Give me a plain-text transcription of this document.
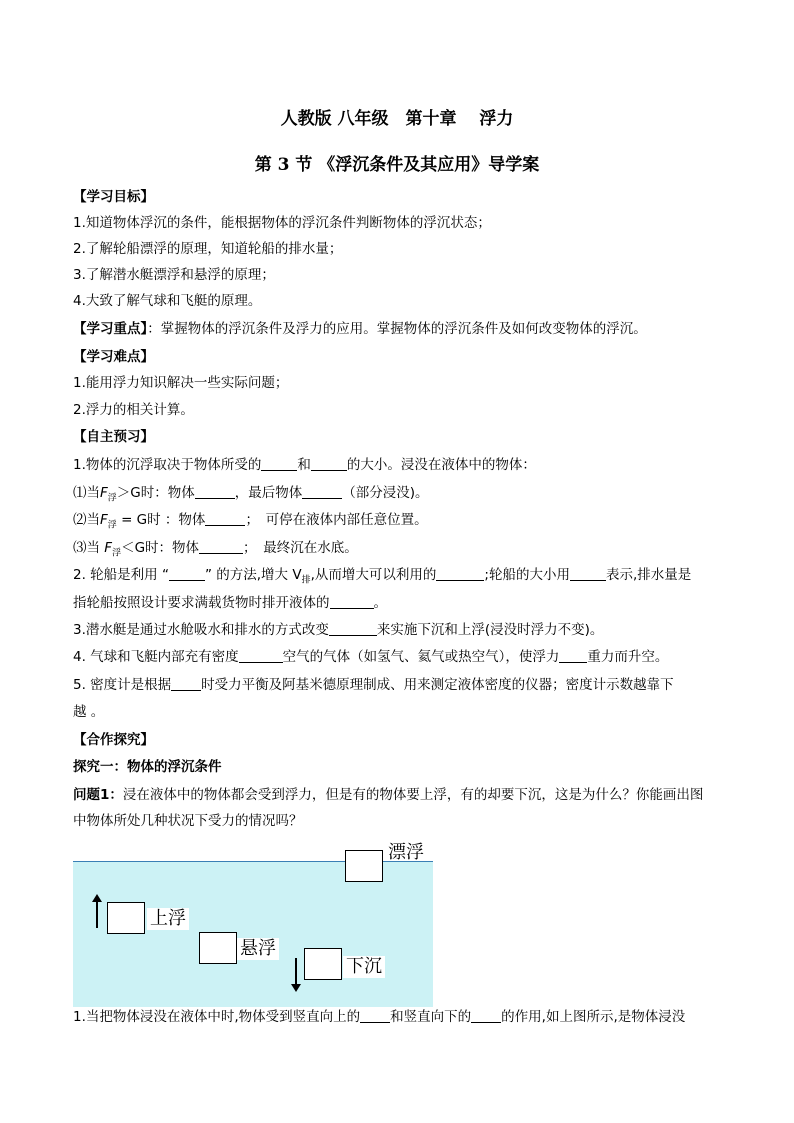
人教版 八年级　第十章　 浮力
第 3 节 《浮沉条件及其应用》导学案
【学习目标】
1.知道物体浮沉的条件，能根据物体的浮沉条件判断物体的浮沉状态；
2.了解轮船漂浮的原理，知道轮船的排水量；
3.了解潜水艇漂浮和悬浮的原理；
4.大致了解气球和飞艇的原理。
【学习重点】：掌握物体的浮沉条件及浮力的应用。掌握物体的浮沉条件及如何改变物体的浮沉。
【学习难点】
1.能用浮力知识解决一些实际问题；
2.浮力的相关计算。
【自主预习】
1.物体的沉浮取决于物体所受的	和	的大小。浸没在液体中的物体：
⑴当$F_浮>G$时：物体	，最后物体	（部分浸没)。
⑵当$F_浮 = G$时 ：物体	；　可停在液体内部任意位置。
⑶当 $F_浮<G$时：物体	；　最终沉在水底。
2. 轮船是利用 “	” 的方法,增大 $V_排$,从而增大可以利用的	;轮船的大小用	表示,排水量是
指轮船按照设计要求满载货物时排开液体的	。
3.潜水艇是通过水舱吸水和排水的方式改变	来实施下沉和上浮(浸没时浮力不变)。
4. 气球和飞艇内部充有密度	空气的气体（如氢气、氦气或热空气），使浮力 重力而升空。
5. 密度计是根据 时受力平衡及阿基米德原理制成、用来测定液体密度的仪器；密度计示数越靠下
越 。
【合作探究】
探究一：物体的浮沉条件
问题1：浸在液体中的物体都会受到浮力，但是有的物体要上浮，有的却要下沉，这是为什么？你能画出图
中物体所处几种状况下受力的情况吗？
漂浮
上浮
悬浮
下沉
1.当把物体浸没在液体中时,物体受到竖直向上的 和竖直向下的 的作用,如上图所示,是物体浸没
